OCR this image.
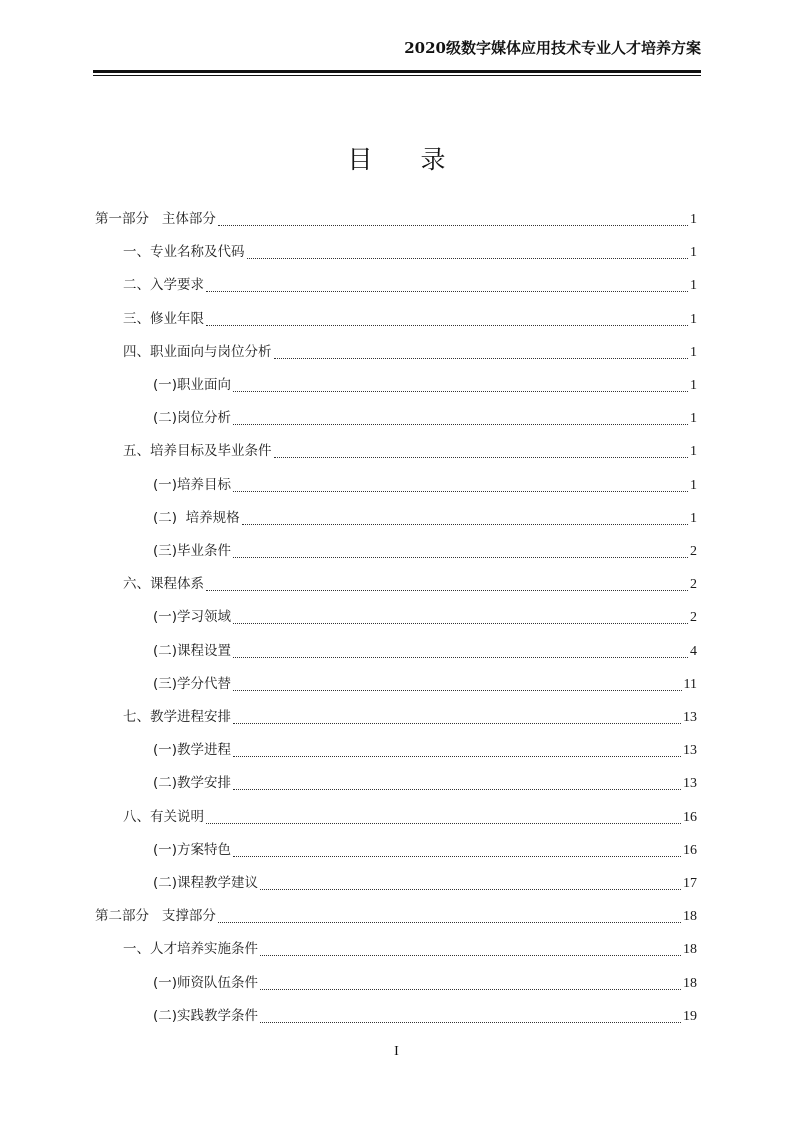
2020级数字媒体应用技术专业人才培养方案
目 录
第一部分   主体部分	1
一、专业名称及代码	1
二、入学要求	1
三、修业年限	1
四、职业面向与岗位分析	1
(一)职业面向	1
(二)岗位分析	1
五、培养目标及毕业条件	1
(一)培养目标	1
(二)  培养规格	1
(三)毕业条件	2
六、课程体系	2
(一)学习领域	2
(二)课程设置	4
(三)学分代替	11
七、教学进程安排	13
(一)教学进程	13
(二)教学安排	13
八、有关说明	16
(一)方案特色	16
(二)课程教学建议	17
第二部分   支撑部分	18
一、人才培养实施条件	18
(一)师资队伍条件	18
(二)实践教学条件	19
I
